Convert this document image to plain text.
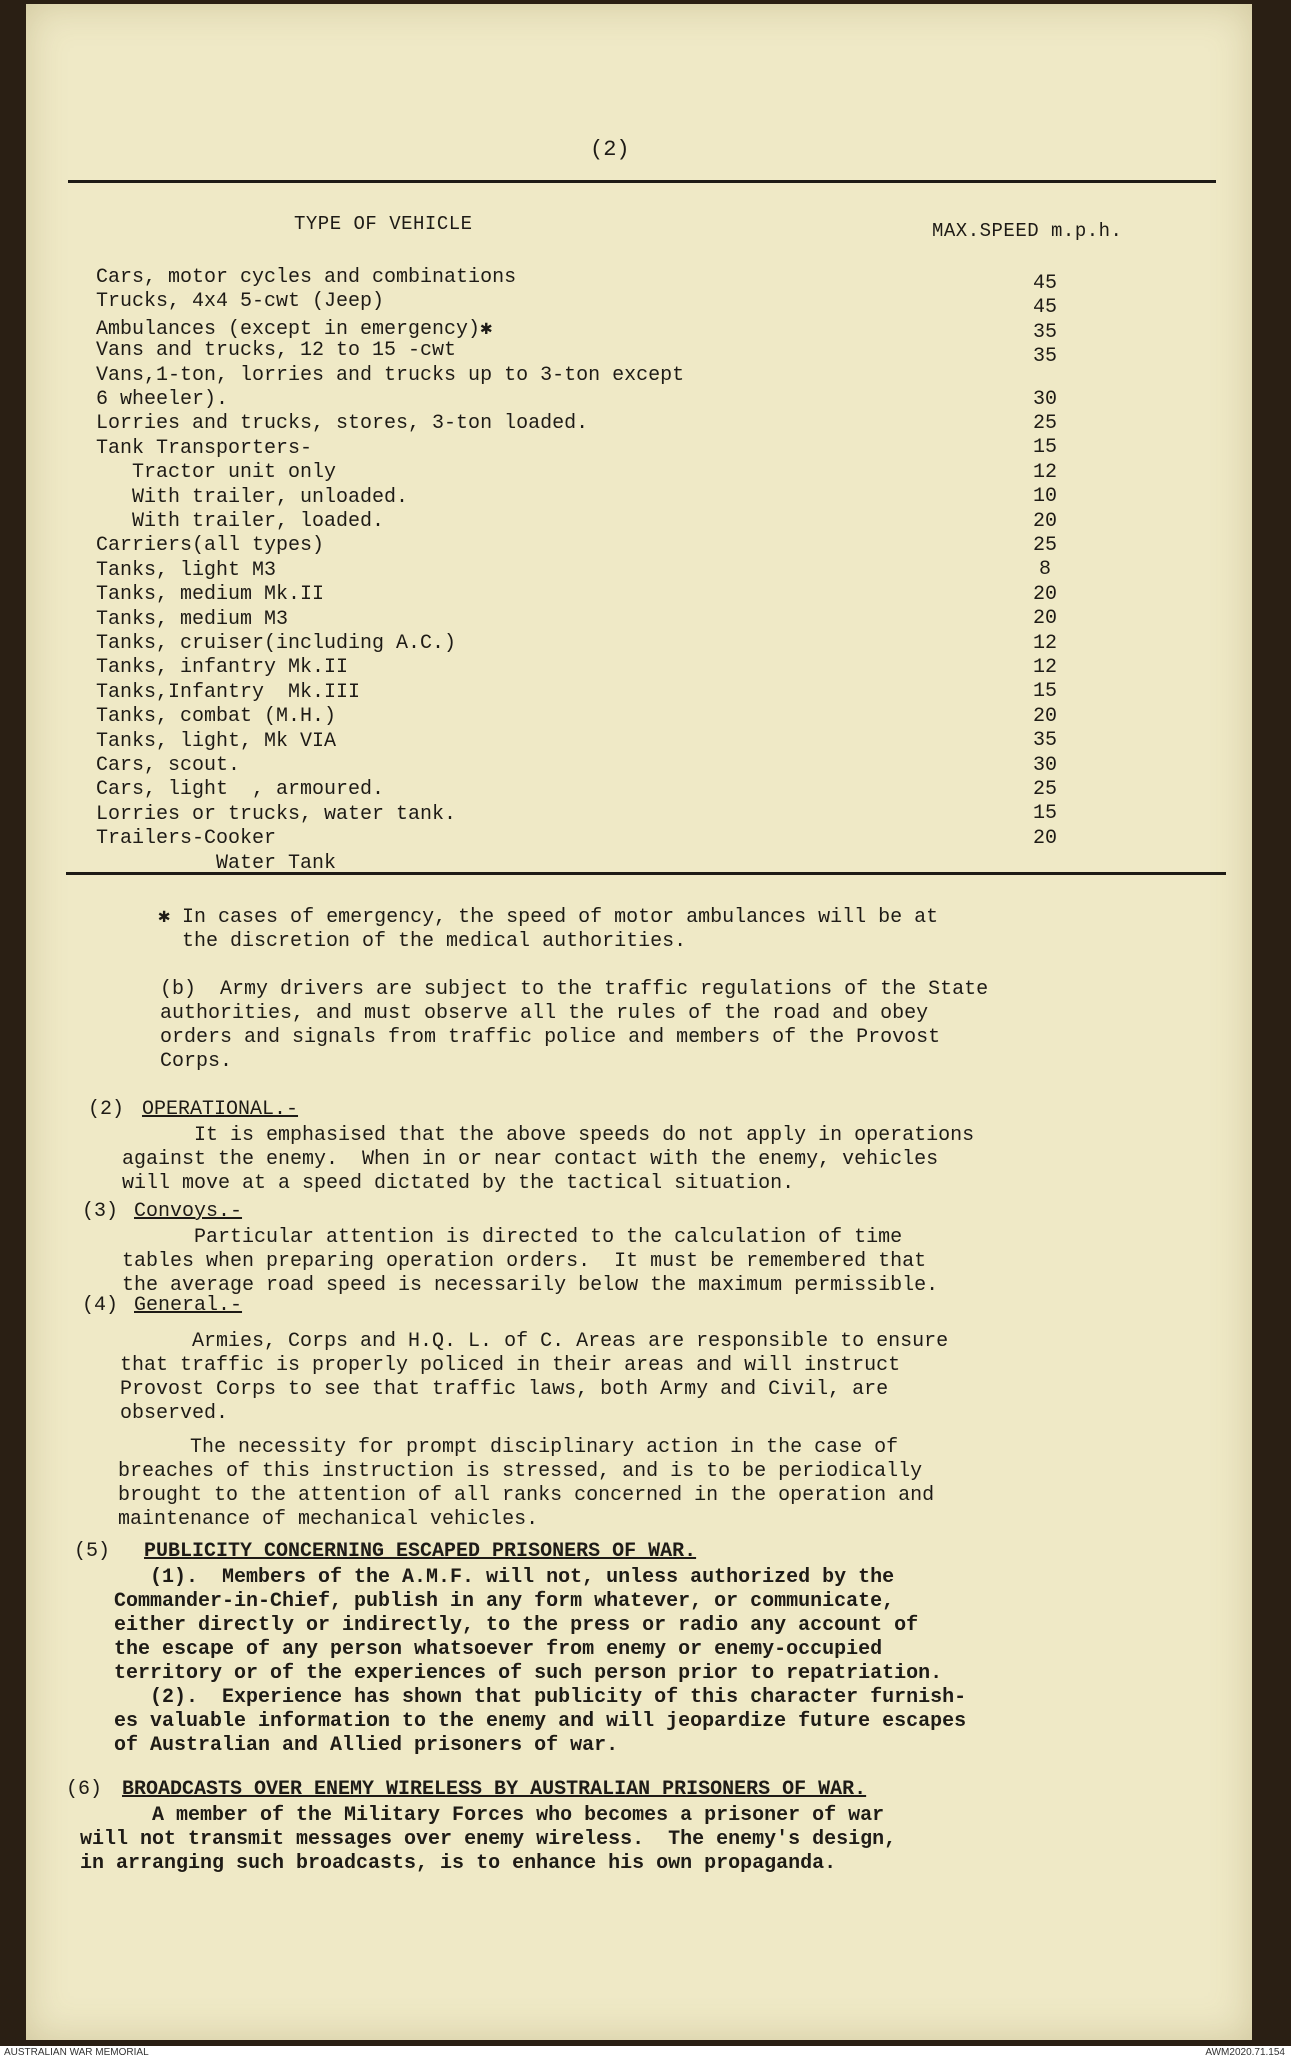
(2)
TYPE OF VEHICLE	MAX.SPEED m.p.h.
Cars, motor cycles and combinations
Trucks, 4x4 5-cwt (Jeep)
Ambulances (except in emergency)✱
Vans and trucks, 12 to 15 -cwt
Vans,1-ton, lorries and trucks up to 3-ton except
6 wheeler).
Lorries and trucks, stores, 3-ton loaded.
Tank Transporters-
Tractor unit only
With trailer, unloaded.
With trailer, loaded.
Carriers(all types)
Tanks, light M3
Tanks, medium Mk.II
Tanks, medium M3
Tanks, cruiser(including A.C.)
Tanks, infantry Mk.II
Tanks,Infantry  Mk.III
Tanks, combat (M.H.)
Tanks, light, Mk VIA
Cars, scout.
Cars, light  , armoured.
Lorries or trucks, water tank.
Trailers-Cooker
Water Tank
45
45
35
35
30
25
15
12
10
20
25
8
20
20
12
12
15
20
35
30
25
15
20
✱ In cases of emergency, the speed of motor ambulances will be at
the discretion of the medical authorities.
(b)  Army drivers are subject to the traffic regulations of the State
authorities, and must observe all the rules of the road and obey
orders and signals from traffic police and members of the Provost
Corps.
(2) OPERATIONAL.-
It is emphasised that the above speeds do not apply in operations
against the enemy.  When in or near contact with the enemy, vehicles
will move at a speed dictated by the tactical situation.
(3) Convoys.-
Particular attention is directed to the calculation of time
tables when preparing operation orders.  It must be remembered that
the average road speed is necessarily below the maximum permissible.
(4) General.-
Armies, Corps and H.Q. L. of C. Areas are responsible to ensure
that traffic is properly policed in their areas and will instruct
Provost Corps to see that traffic laws, both Army and Civil, are
observed.
The necessity for prompt disciplinary action in the case of
breaches of this instruction is stressed, and is to be periodically
brought to the attention of all ranks concerned in the operation and
maintenance of mechanical vehicles.
(5) PUBLICITY CONCERNING ESCAPED PRISONERS OF WAR.
(1).  Members of the A.M.F. will not, unless authorized by the
Commander-in-Chief, publish in any form whatever, or communicate,
either directly or indirectly, to the press or radio any account of
the escape of any person whatsoever from enemy or enemy-occupied
territory or of the experiences of such person prior to repatriation.
(2).  Experience has shown that publicity of this character furnish-
es valuable information to the enemy and will jeopardize future escapes
of Australian and Allied prisoners of war.
(6) BROADCASTS OVER ENEMY WIRELESS BY AUSTRALIAN PRISONERS OF WAR.
A member of the Military Forces who becomes a prisoner of war
will not transmit messages over enemy wireless.  The enemy's design,
in arranging such broadcasts, is to enhance his own propaganda.
AUSTRALIAN WAR MEMORIAL	AWM2020.71.154
